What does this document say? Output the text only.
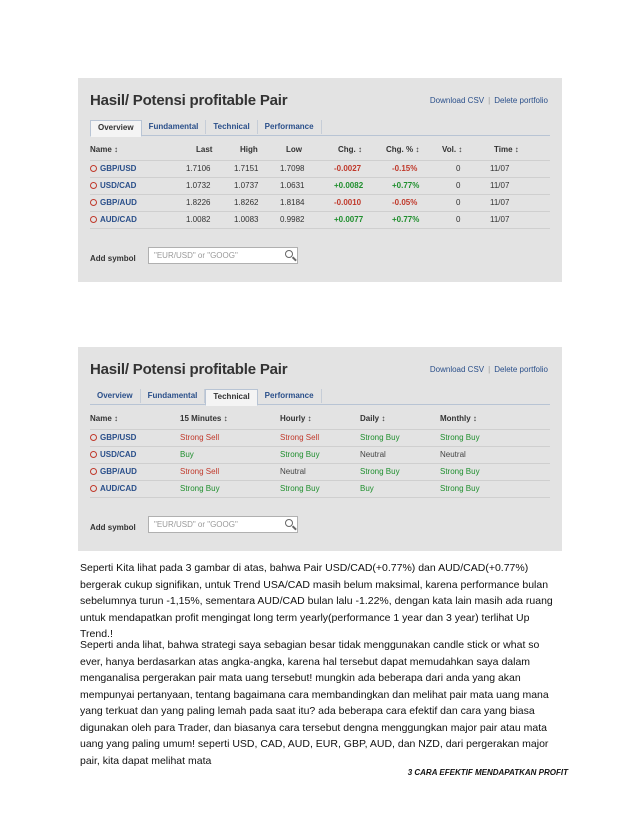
Hasil/ Potensi profitable Pair	Download CSV | Delete portfolio
Overview	Fundamental	Technical	Performance
Name ↕	Last	High	Low	Chg. ↕	Chg. % ↕	Vol. ↕	Time ↕
GBP/USD	1.7106	1.7151	1.7098	-0.0027	-0.15%	0	11/07
USD/CAD	1.0732	1.0737	1.0631	+0.0082	+0.77%	0	11/07
GBP/AUD	1.8226	1.8262	1.8184	-0.0010	-0.05%	0	11/07
AUD/CAD	1.0082	1.0083	0.9982	+0.0077	+0.77%	0	11/07
Add symbol	"EUR/USD" or "GOOG"
Hasil/ Potensi profitable Pair	Download CSV | Delete portfolio
Overview	Fundamental	Technical	Performance
Name ↕	15 Minutes ↕	Hourly ↕	Daily ↕	Monthly ↕
GBP/USD	Strong Sell	Strong Sell	Strong Buy	Strong Buy
USD/CAD	Buy	Strong Buy	Neutral	Neutral
GBP/AUD	Strong Sell	Neutral	Strong Buy	Strong Buy
AUD/CAD	Strong Buy	Strong Buy	Buy	Strong Buy
Add symbol	"EUR/USD" or "GOOG"
Seperti Kita lihat pada 3 gambar di atas, bahwa Pair USD/CAD(+0.77%) dan AUD/CAD(+0.77%) bergerak cukup signifikan, untuk Trend USA/CAD masih belum maksimal, karena performance bulan sebelumnya turun -1,15%, sementara AUD/CAD bulan lalu -1.22%, dengan kata lain masih ada ruang untuk mendapatkan profit mengingat long term yearly(performance 1 year dan 3 year) terlihat Up Trend.!
Seperti anda lihat, bahwa strategi saya sebagian besar tidak menggunakan candle stick or what so ever, hanya berdasarkan atas angka-angka, karena hal tersebut dapat memudahkan saya dalam menganalisa pergerakan pair mata uang tersebut! mungkin ada beberapa dari anda yang akan mempunyai pertanyaan, tentang bagaimana cara membandingkan dan melihat pair mata uang mana yang terkuat dan yang paling lemah pada saat itu? ada beberapa cara efektif dan cara yang biasa digunakan oleh para Trader, dan biasanya cara tersebut dengna menggungkan major pair atau mata uang yang paling umum! seperti USD, CAD, AUD, EUR, GBP, AUD, dan NZD, dari pergerakan major pair, kita dapat melihat mata
3 CARA EFEKTIF MENDAPATKAN PROFIT
